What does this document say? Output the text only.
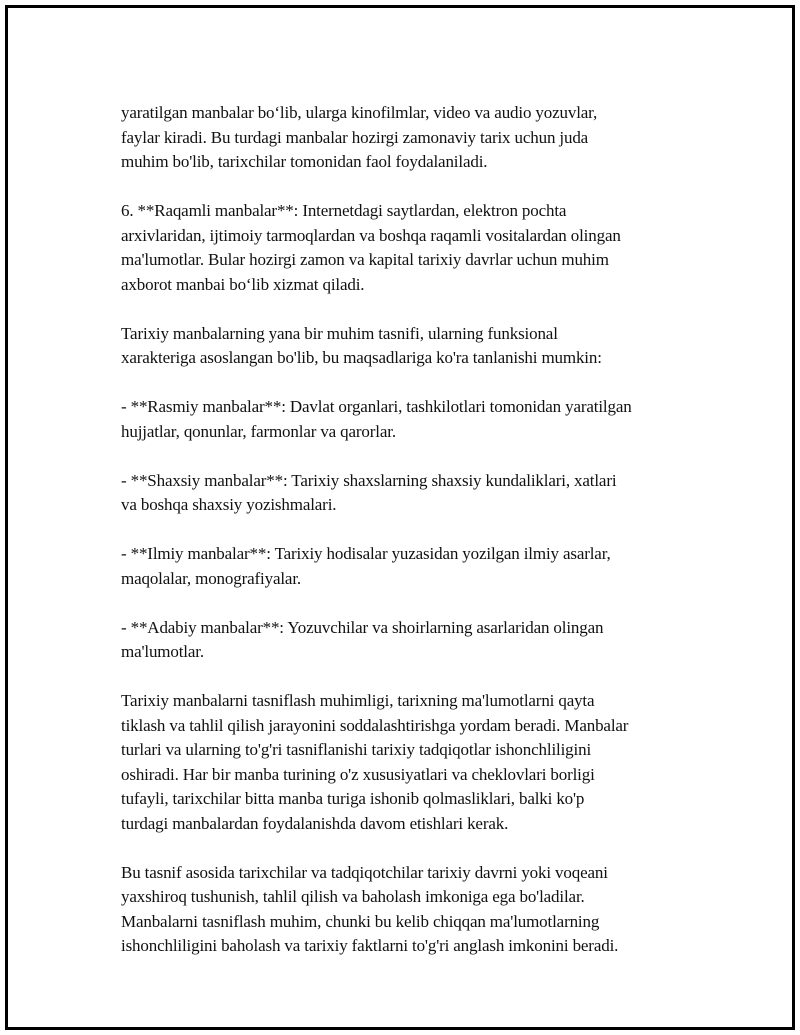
yaratilgan manbalar bo‘lib, ularga kinofilmlar, video va audio yozuvlar,
faylar kiradi. Bu turdagi manbalar hozirgi zamonaviy tarix uchun juda
muhim bo'lib, tarixchilar tomonidan faol foydalaniladi.

6. **Raqamli manbalar**: Internetdagi saytlardan, elektron pochta
arxivlaridan, ijtimoiy tarmoqlardan va boshqa raqamli vositalardan olingan
ma'lumotlar. Bular hozirgi zamon va kapital tarixiy davrlar uchun muhim
axborot manbai bo‘lib xizmat qiladi.

Tarixiy manbalarning yana bir muhim tasnifi, ularning funksional
xarakteriga asoslangan bo'lib, bu maqsadlariga ko'ra tanlanishi mumkin:

- **Rasmiy manbalar**: Davlat organlari, tashkilotlari tomonidan yaratilgan
hujjatlar, qonunlar, farmonlar va qarorlar.

- **Shaxsiy manbalar**: Tarixiy shaxslarning shaxsiy kundaliklari, xatlari
va boshqa shaxsiy yozishmalari.

- **Ilmiy manbalar**: Tarixiy hodisalar yuzasidan yozilgan ilmiy asarlar,
maqolalar, monografiyalar.

- **Adabiy manbalar**: Yozuvchilar va shoirlarning asarlaridan olingan
ma'lumotlar.

Tarixiy manbalarni tasniflash muhimligi, tarixning ma'lumotlarni qayta
tiklash va tahlil qilish jarayonini soddalashtirishga yordam beradi. Manbalar
turlari va ularning to'g'ri tasniflanishi tarixiy tadqiqotlar ishonchliligini
oshiradi. Har bir manba turining o'z xususiyatlari va cheklovlari borligi
tufayli, tarixchilar bitta manba turiga ishonib qolmasliklari, balki ko'p
turdagi manbalardan foydalanishda davom etishlari kerak.

Bu tasnif asosida tarixchilar va tadqiqotchilar tarixiy davrni yoki voqeani
yaxshiroq tushunish, tahlil qilish va baholash imkoniga ega bo'ladilar.
Manbalarni tasniflash muhim, chunki bu kelib chiqqan ma'lumotlarning
ishonchliligini baholash va tarixiy faktlarni to'g'ri anglash imkonini beradi.
